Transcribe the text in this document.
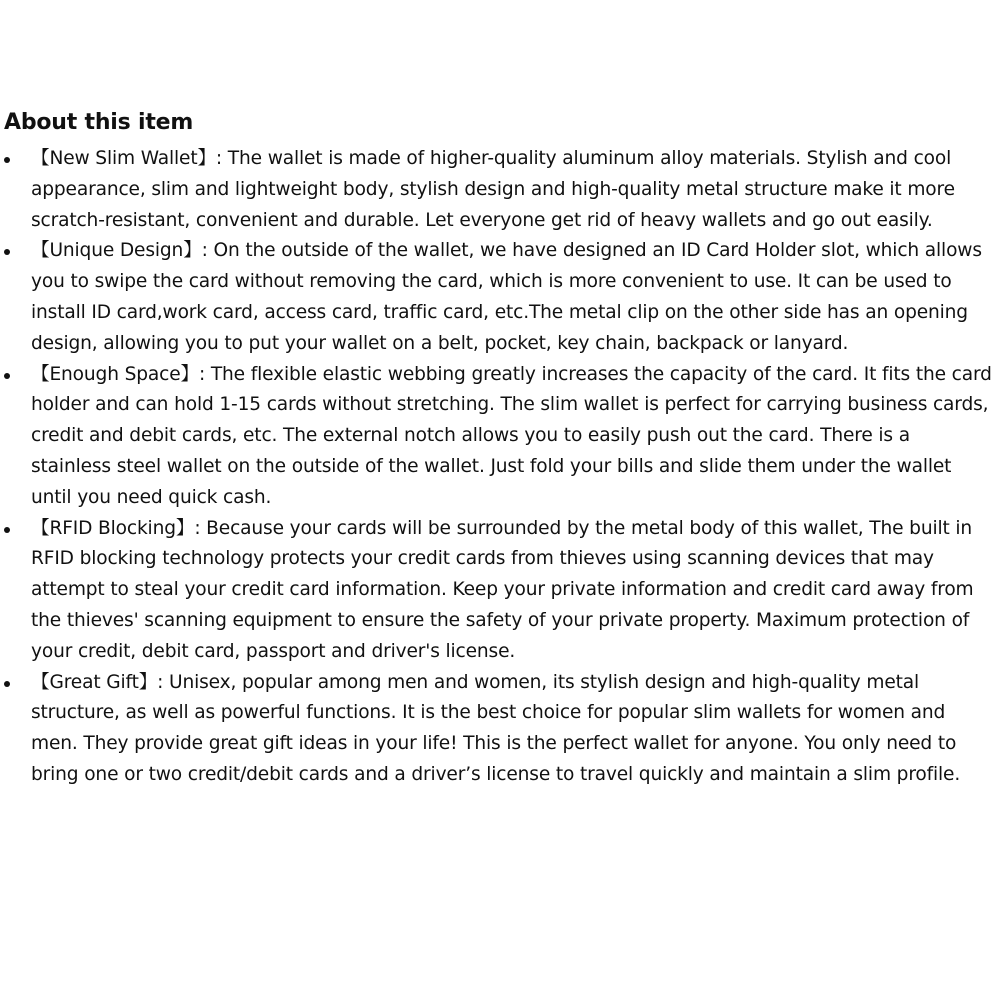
About this item
【New Slim Wallet】: The wallet is made of higher-quality aluminum alloy materials. Stylish and cool appearance, slim and lightweight body, stylish design and high-quality metal structure make it more scratch-resistant, convenient and durable. Let everyone get rid of heavy wallets and go out easily.
【Unique Design】: On the outside of the wallet, we have designed an ID Card Holder slot, which allows you to swipe the card without removing the card, which is more convenient to use. It can be used to install ID card,work card, access card, traffic card, etc.The metal clip on the other side has an opening design, allowing you to put your wallet on a belt, pocket, key chain, backpack or lanyard.
【Enough Space】: The flexible elastic webbing greatly increases the capacity of the card. It fits the card holder and can hold 1-15 cards without stretching. The slim wallet is perfect for carrying business cards, credit and debit cards, etc. The external notch allows you to easily push out the card. There is a stainless steel wallet on the outside of the wallet. Just fold your bills and slide them under the wallet until you need quick cash.
【RFID Blocking】: Because your cards will be surrounded by the metal body of this wallet, The built in RFID blocking technology protects your credit cards from thieves using scanning devices that may attempt to steal your credit card information. Keep your private information and credit card away from the thieves' scanning equipment to ensure the safety of your private property. Maximum protection of your credit, debit card, passport and driver's license.
【Great Gift】: Unisex, popular among men and women, its stylish design and high-quality metal structure, as well as powerful functions. It is the best choice for popular slim wallets for women and men. They provide great gift ideas in your life! This is the perfect wallet for anyone. You only need to bring one or two credit/debit cards and a driver’s license to travel quickly and maintain a slim profile.
